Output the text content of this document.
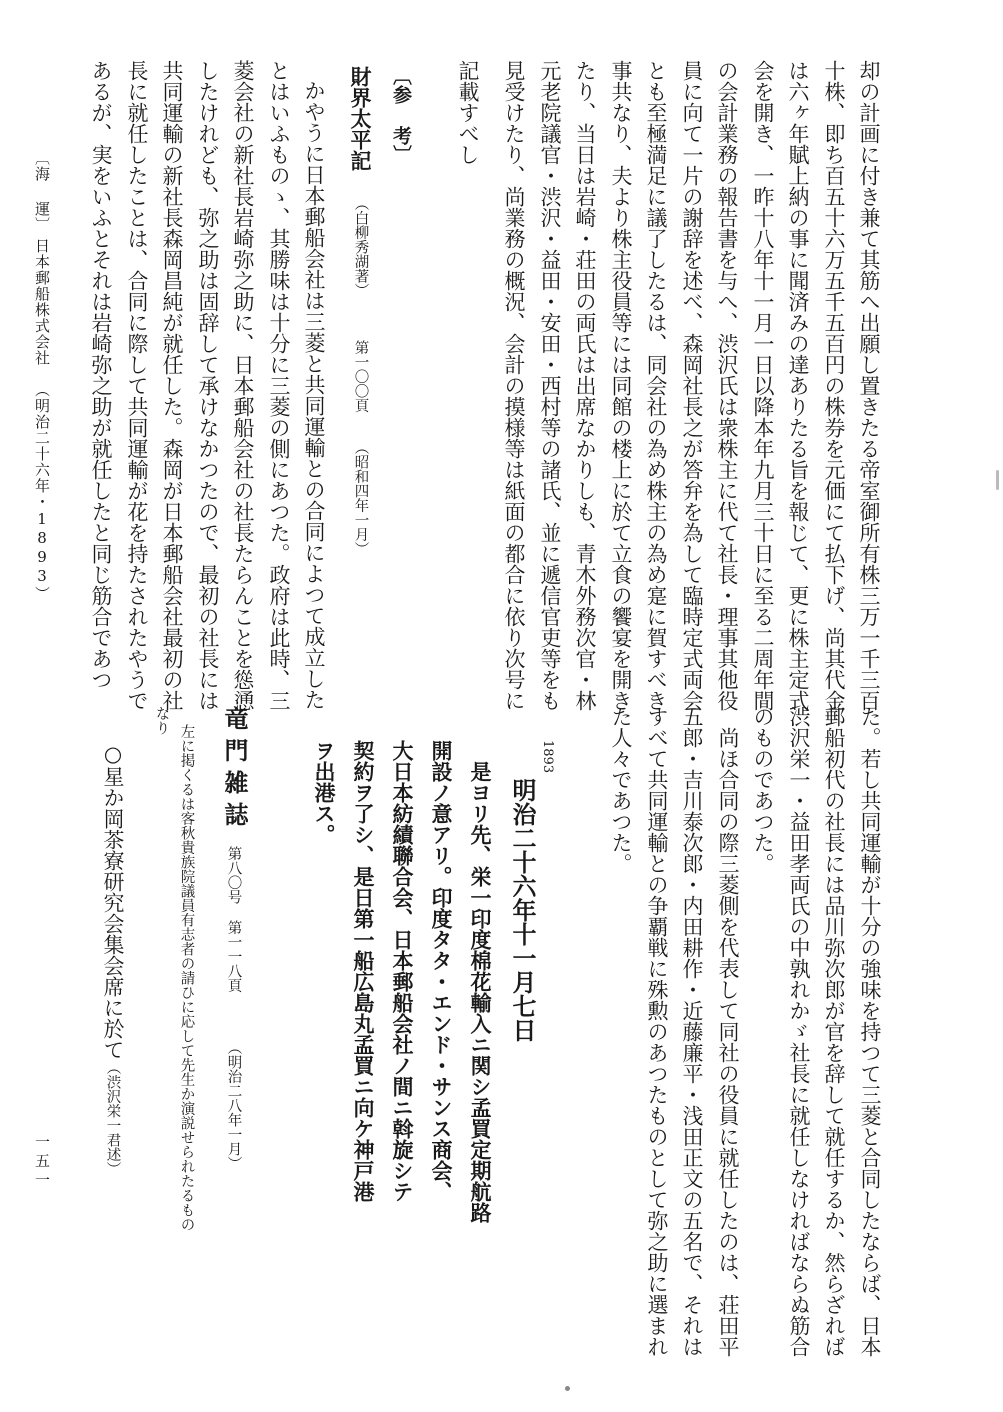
却の計画に付き兼て其筋へ出願し置きたる帝室御所有株三万一千三百
十株、即ち百五十六万五千五百円の株券を元価にて払下げ、尚其代金
は六ヶ年賦上納の事に聞済みの達ありたる旨を報じて、更に株主定式
会を開き、一昨十八年十一月一日以降本年九月三十日に至る二周年間
の会計業務の報告書を与へ、渋沢氏は衆株主に代て社長・理事其他役
員に向て一片の謝辞を述べ、森岡社長之が答弁を為して臨時定式両会
とも至極満足に議了したるは、同会社の為め株主の為め寔に賀すべき
事共なり、夫より株主役員等には同館の楼上に於て立食の饗宴を開き
たり、当日は岩崎・荘田の両氏は出席なかりしも、青木外務次官・林
元老院議官・渋沢・益田・安田・西村等の諸氏、並に遞信官吏等をも
見受けたり、尚業務の概況、会計の摸様等は紙面の都合に依り次号に
記載すべし
〔参 考〕
財界太平記
（白柳秀湖著）
第一〇〇頁
（昭和四年一月）
かやうに日本郵船会社は三菱と共同運輸との合同によつて成立した
とはいふものゝ、其勝味は十分に三菱の側にあつた。政府は此時、三
菱会社の新社長岩崎弥之助に、日本郵船会社の社長たらんことを慫慂
したけれども、弥之助は固辞して承けなかつたので、最初の社長には
共同運輸の新社長森岡昌純が就任した。森岡が日本郵船会社最初の社
長に就任したことは、合同に際して共同運輸が花を持たされたやうで
あるが、実をいふとそれは岩崎弥之助が就任したと同じ筋合であつ
〔海 運〕
日本郵船株式会社
（明治二十六年・1893）
た。若し共同運輸が十分の強味を持つて三菱と合同したならば、日本
郵船初代の社長には品川弥次郎が官を辞して就任するか、然らざれば
渋沢栄一・益田孝両氏の中孰れかゞ社長に就任しなければならぬ筋合
のものであつた。
尚ほ合同の際三菱側を代表して同社の役員に就任したのは、荘田平
五郎・吉川泰次郎・内田耕作・近藤廉平・浅田正文の五名で、それは
すべて共同運輸との争覇戦に殊勲のあつたものとして弥之助に選まれ
た人々であつた。
1893
明治二十六年十一月七日
是ヨリ先、栄一印度棉花輸入ニ関シ孟買定期航路
開設ノ意アリ。印度タタ・エンド・サンス商会、
大日本紡績聯合会、日本郵船会社ノ間ニ斡旋シテ
契約ヲ了シ、是日第一船広島丸孟買ニ向ケ神戸港
ヲ出港ス。
竜門雑誌
第八〇号 第一一八頁
（明治二八年一月）
左に掲くるは客秋貴族院議員有志者の請ひに応して先生か演説せられたるもの
なり
○星か岡茶寮研究会集会席に於て
（渋沢栄一君述）
一五一
